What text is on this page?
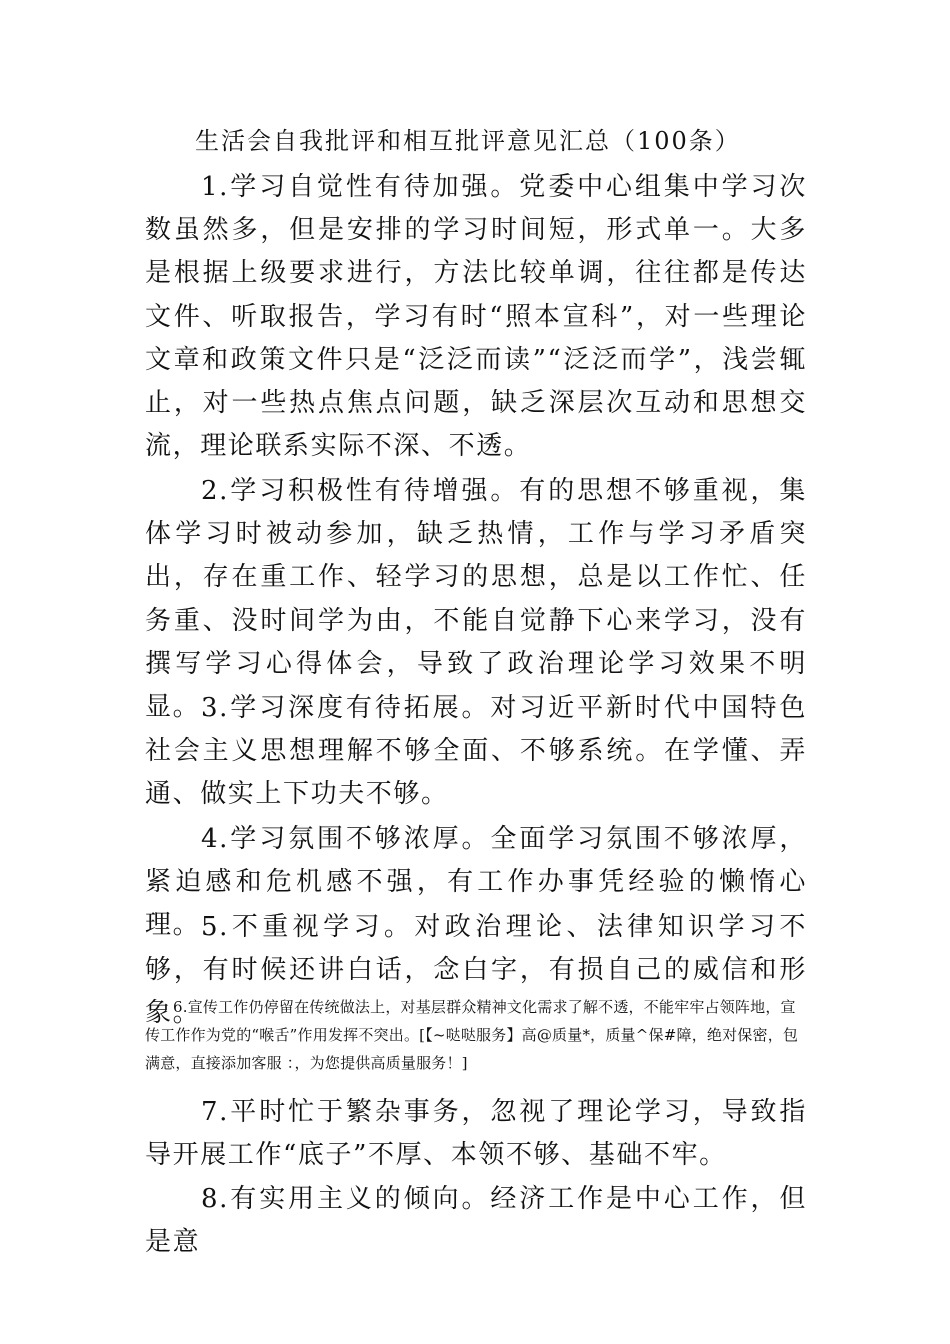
生活会自我批评和相互批评意见汇总（100条）

1.学习自觉性有待加强。党委中心组集中学习次数虽然多，但是安排的学习时间短，形式单一。大多是根据上级要求进行，方法比较单调，往往都是传达文件、听取报告，学习有时“照本宣科”，对一些理论文章和政策文件只是“泛泛而读”“泛泛而学”，浅尝辄止，对一些热点焦点问题，缺乏深层次互动和思想交流，理论联系实际不深、不透。

2.学习积极性有待增强。有的思想不够重视，集体学习时被动参加，缺乏热情，工作与学习矛盾突出，存在重工作、轻学习的思想，总是以工作忙、任务重、没时间学为由，不能自觉静下心来学习，没有撰写学习心得体会，导致了政治理论学习效果不明显。 3.学习深度有待拓展。对习近平新时代中国特色社会主义思想理解不够全面、不够系统。在学懂、弄通、做实上下功夫不够。

4.学习氛围不够浓厚。全面学习氛围不够浓厚，紧迫感和危机感不强，有工作办事凭经验的懒惰心理。 5.不重视学习。对政治理论、法律知识学习不够，有时候还讲白话，念白字，有损自己的威信和形象。

6.宣传工作仍停留在传统做法上，对基层群众精神文化需求了解不透，不能牢牢占领阵地，宣传工作作为党的“喉舌”作用发挥不突出。[【~哒哒服务】高@质量*，质量^保#障，绝对保密，包满意，直接添加客服 ：，为您提供高质量服务！]

7.平时忙于繁杂事务，忽视了理论学习，导致指导开展工作“底子”不厚、本领不够、基础不牢。

8.有实用主义的倾向。经济工作是中心工作，但是意
